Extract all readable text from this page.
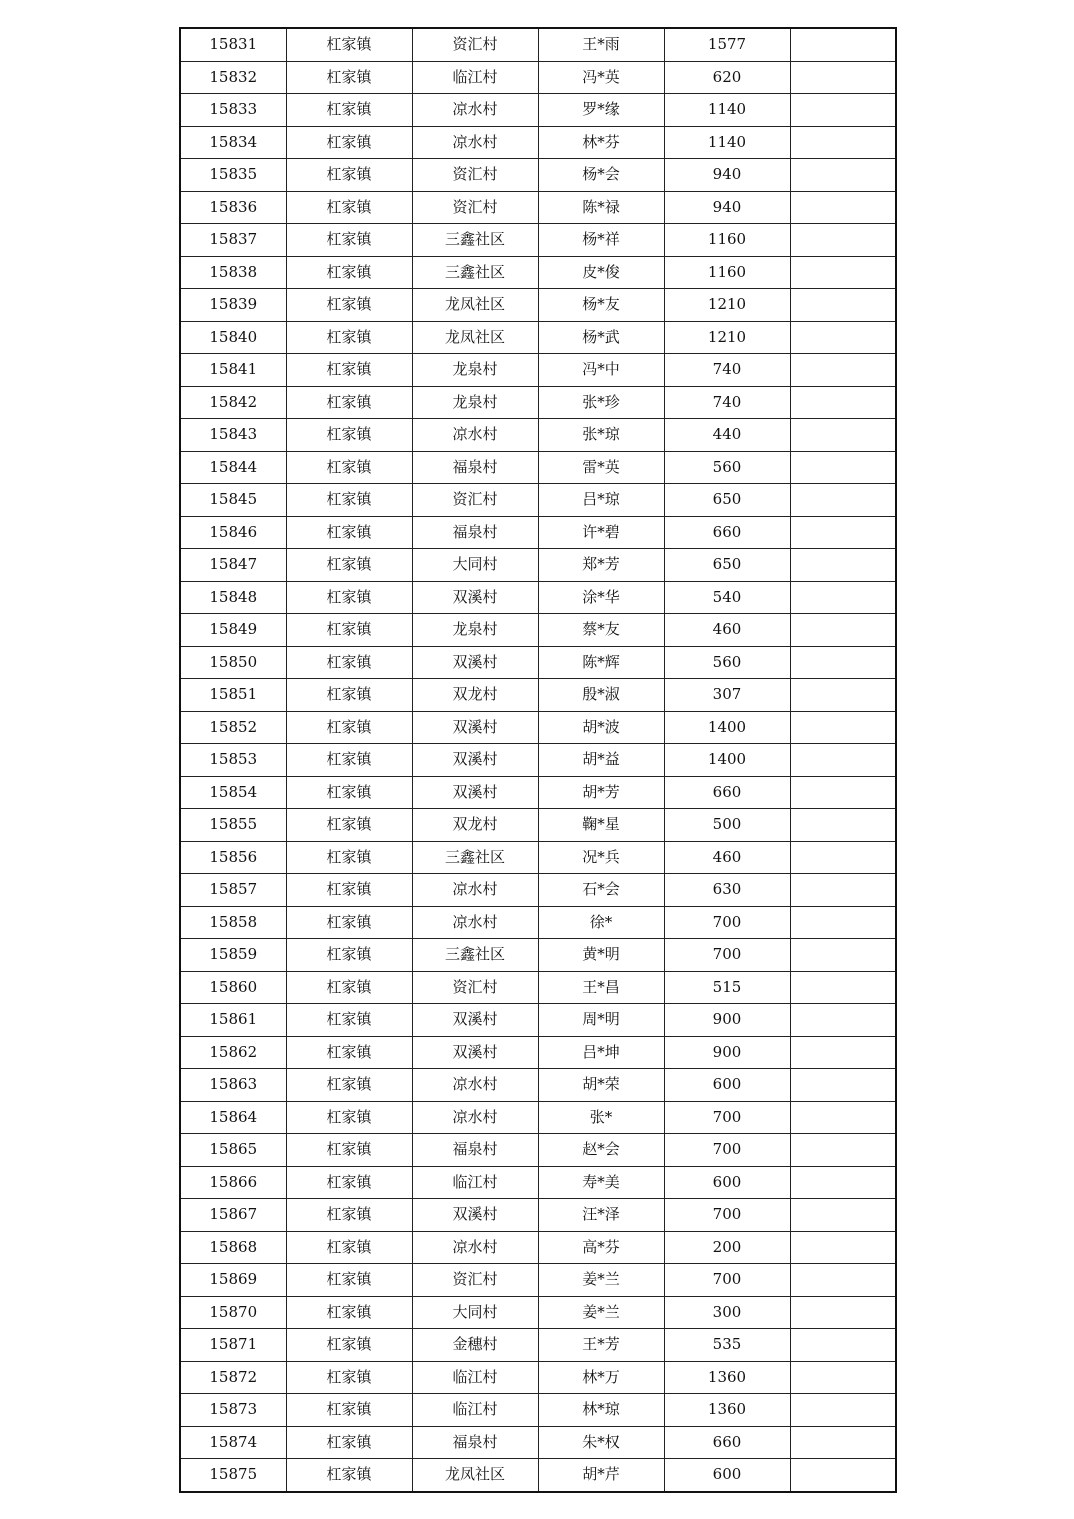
15831	杠家镇	资汇村	王*雨	1577	
15832	杠家镇	临江村	冯*英	620	
15833	杠家镇	凉水村	罗*缘	1140	
15834	杠家镇	凉水村	林*芬	1140	
15835	杠家镇	资汇村	杨*会	940	
15836	杠家镇	资汇村	陈*禄	940	
15837	杠家镇	三鑫社区	杨*祥	1160	
15838	杠家镇	三鑫社区	皮*俊	1160	
15839	杠家镇	龙凤社区	杨*友	1210	
15840	杠家镇	龙凤社区	杨*武	1210	
15841	杠家镇	龙泉村	冯*中	740	
15842	杠家镇	龙泉村	张*珍	740	
15843	杠家镇	凉水村	张*琼	440	
15844	杠家镇	福泉村	雷*英	560	
15845	杠家镇	资汇村	吕*琼	650	
15846	杠家镇	福泉村	许*碧	660	
15847	杠家镇	大同村	郑*芳	650	
15848	杠家镇	双溪村	涂*华	540	
15849	杠家镇	龙泉村	蔡*友	460	
15850	杠家镇	双溪村	陈*辉	560	
15851	杠家镇	双龙村	殷*淑	307	
15852	杠家镇	双溪村	胡*波	1400	
15853	杠家镇	双溪村	胡*益	1400	
15854	杠家镇	双溪村	胡*芳	660	
15855	杠家镇	双龙村	鞠*星	500	
15856	杠家镇	三鑫社区	况*兵	460	
15857	杠家镇	凉水村	石*会	630	
15858	杠家镇	凉水村	徐*	700	
15859	杠家镇	三鑫社区	黄*明	700	
15860	杠家镇	资汇村	王*昌	515	
15861	杠家镇	双溪村	周*明	900	
15862	杠家镇	双溪村	吕*坤	900	
15863	杠家镇	凉水村	胡*荣	600	
15864	杠家镇	凉水村	张*	700	
15865	杠家镇	福泉村	赵*会	700	
15866	杠家镇	临江村	寿*美	600	
15867	杠家镇	双溪村	汪*泽	700	
15868	杠家镇	凉水村	高*芬	200	
15869	杠家镇	资汇村	姜*兰	700	
15870	杠家镇	大同村	姜*兰	300	
15871	杠家镇	金穗村	王*芳	535	
15872	杠家镇	临江村	林*万	1360	
15873	杠家镇	临江村	林*琼	1360	
15874	杠家镇	福泉村	朱*权	660	
15875	杠家镇	龙凤社区	胡*芹	600	
